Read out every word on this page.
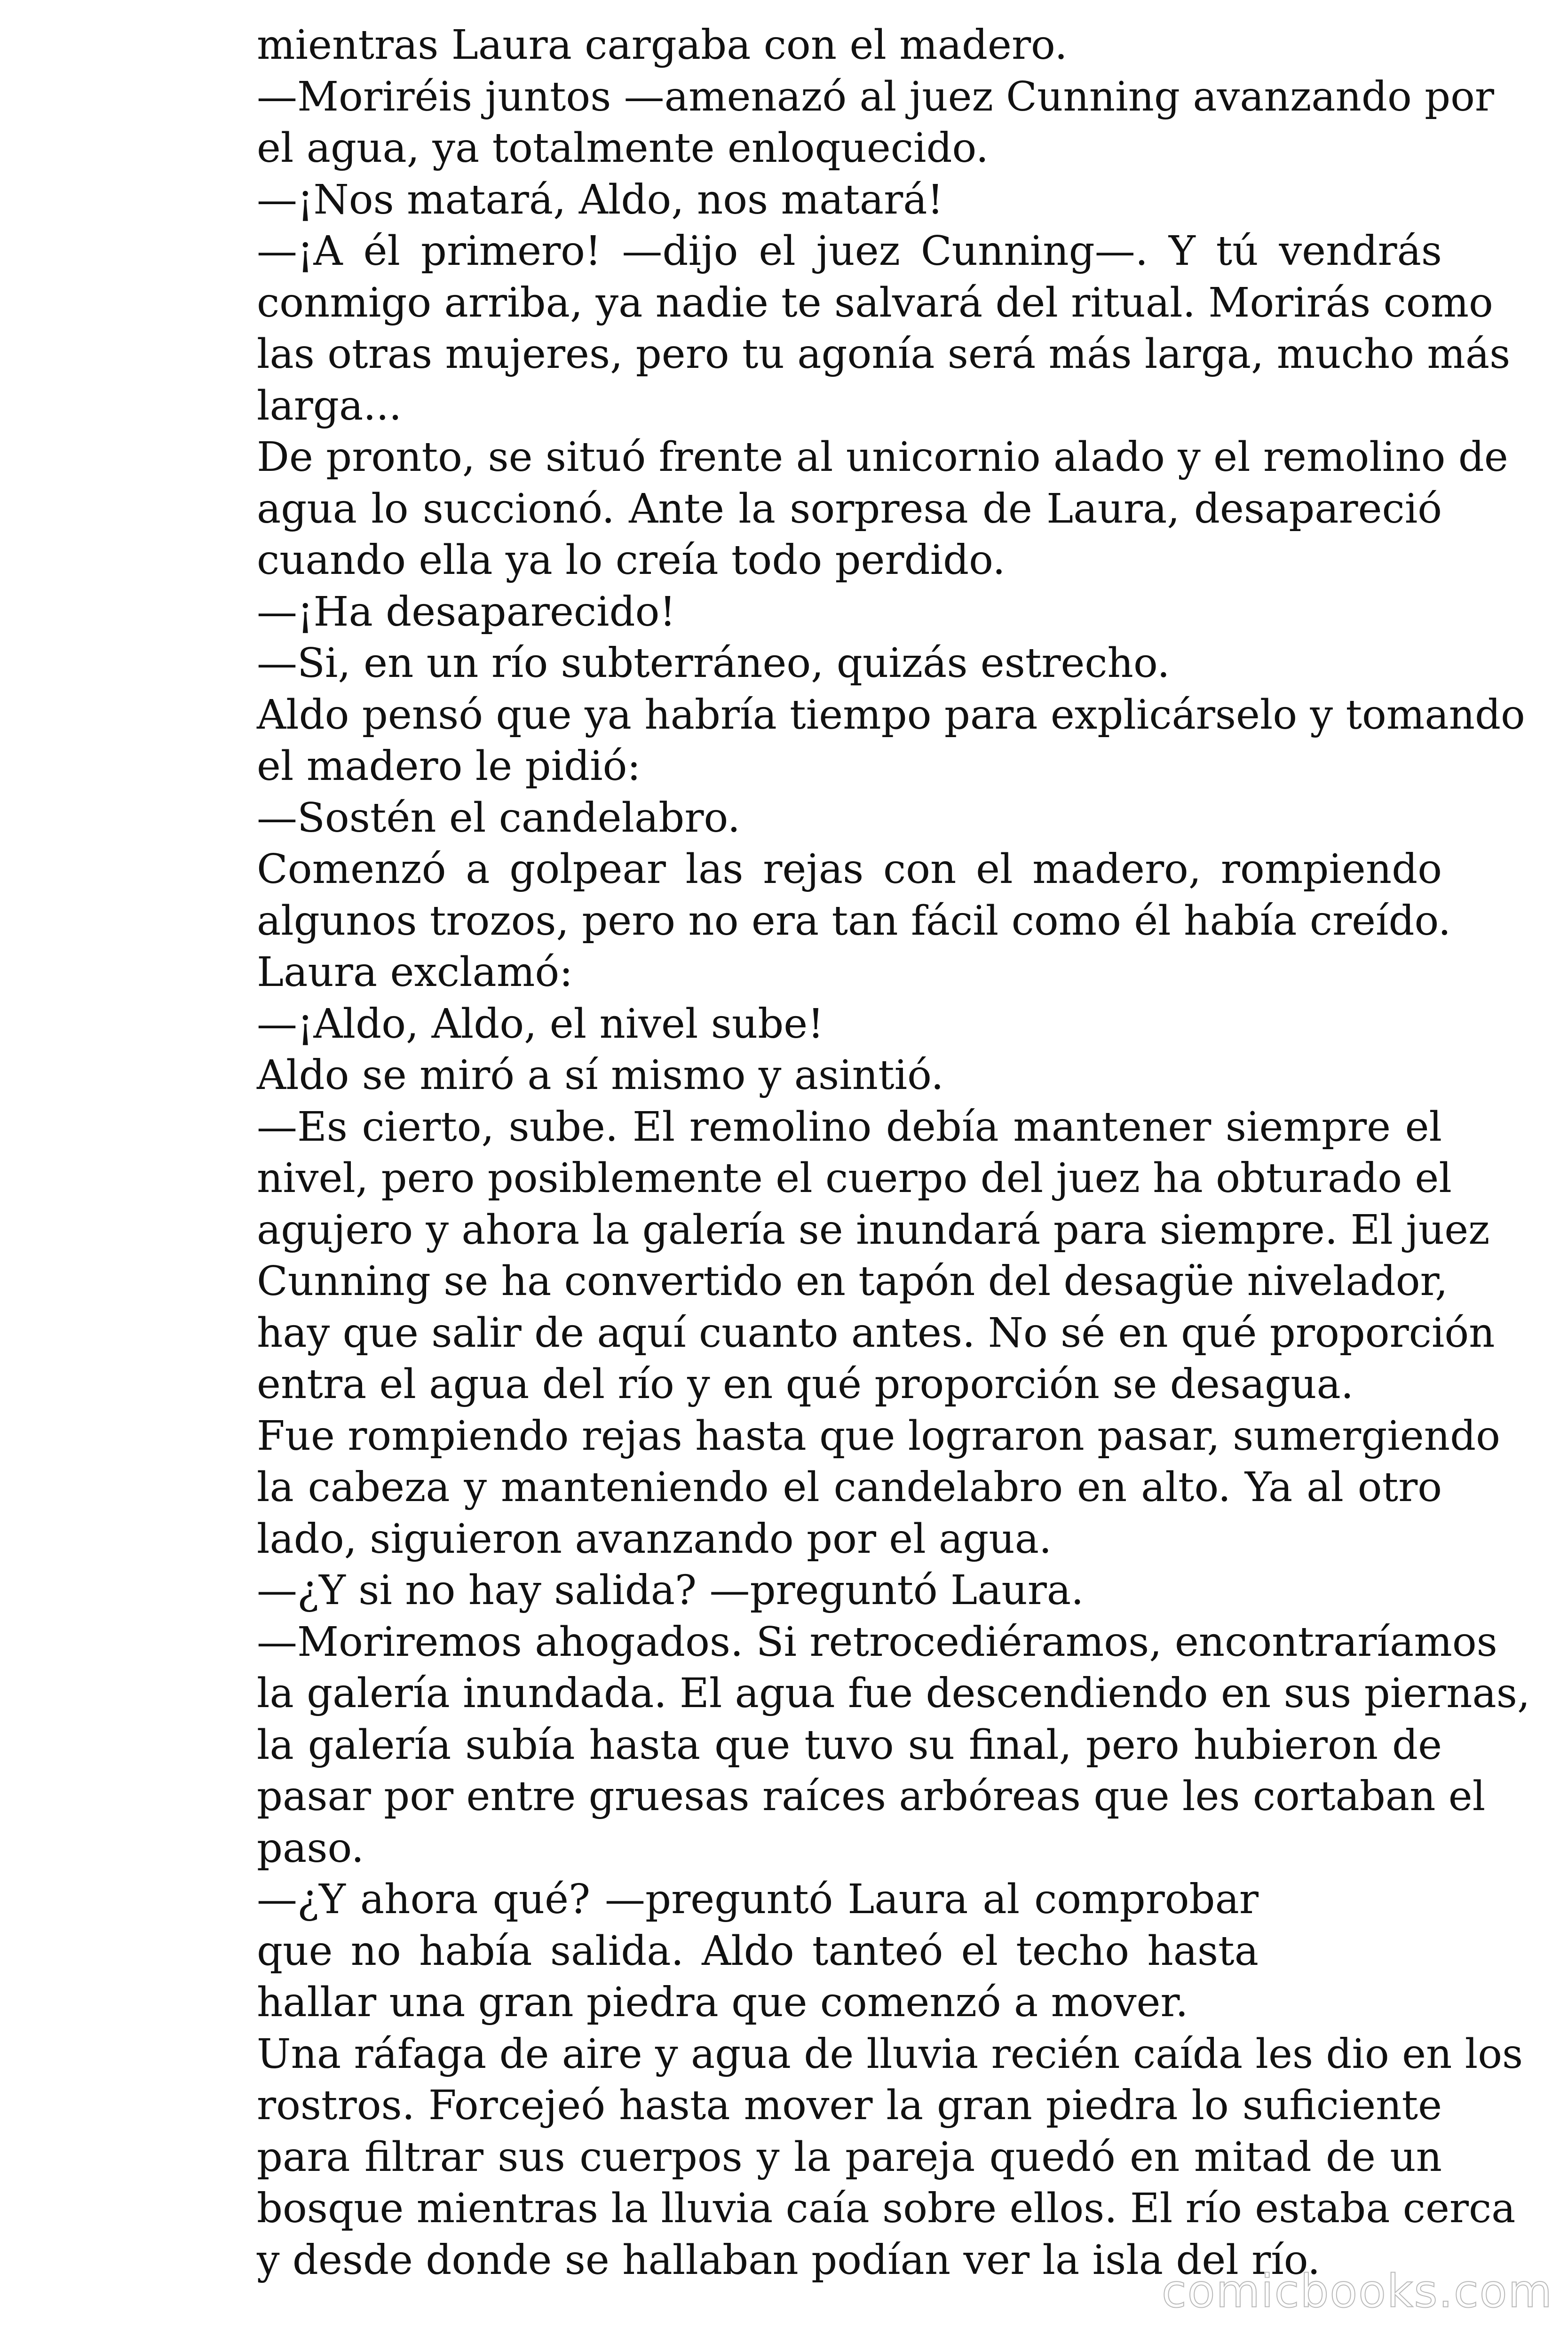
mientras Laura cargaba con el madero.
—Moriréis juntos —amenazó al juez Cunning avanzando por
el agua, ya totalmente enloquecido.
—¡Nos matará, Aldo, nos matará!
—¡A él primero! —dijo el juez Cunning—. Y tú vendrás
conmigo arriba, ya nadie te salvará del ritual. Morirás como
las otras mujeres, pero tu agonía será más larga, mucho más
larga...
De pronto, se situó frente al unicornio alado y el remolino de
agua lo succionó. Ante la sorpresa de Laura, desapareció
cuando ella ya lo creía todo perdido.
—¡Ha desaparecido!
—Si, en un río subterráneo, quizás estrecho.
Aldo pensó que ya habría tiempo para explicárselo y tomando
el madero le pidió:
—Sostén el candelabro.
Comenzó a golpear las rejas con el madero, rompiendo
algunos trozos, pero no era tan fácil como él había creído.
Laura exclamó:
—¡Aldo, Aldo, el nivel sube!
Aldo se miró a sí mismo y asintió.
—Es cierto, sube. El remolino debía mantener siempre el
nivel, pero posiblemente el cuerpo del juez ha obturado el
agujero y ahora la galería se inundará para siempre. El juez
Cunning se ha convertido en tapón del desagüe nivelador,
hay que salir de aquí cuanto antes. No sé en qué proporción
entra el agua del río y en qué proporción se desagua.
Fue rompiendo rejas hasta que lograron pasar, sumergiendo
la cabeza y manteniendo el candelabro en alto. Ya al otro
lado, siguieron avanzando por el agua.
—¿Y si no hay salida? —preguntó Laura.
—Moriremos ahogados. Si retrocediéramos, encontraríamos
la galería inundada. El agua fue descendiendo en sus piernas,
la galería subía hasta que tuvo su final, pero hubieron de
pasar por entre gruesas raíces arbóreas que les cortaban el
paso.
—¿Y ahora qué? —preguntó Laura al comprobar
que no había salida. Aldo tanteó el techo hasta
hallar una gran piedra que comenzó a mover.
Una ráfaga de aire y agua de lluvia recién caída les dio en los
rostros. Forcejeó hasta mover la gran piedra lo suficiente
para filtrar sus cuerpos y la pareja quedó en mitad de un
bosque mientras la lluvia caía sobre ellos. El río estaba cerca
y desde donde se hallaban podían ver la isla del río.
comicbooks.com
